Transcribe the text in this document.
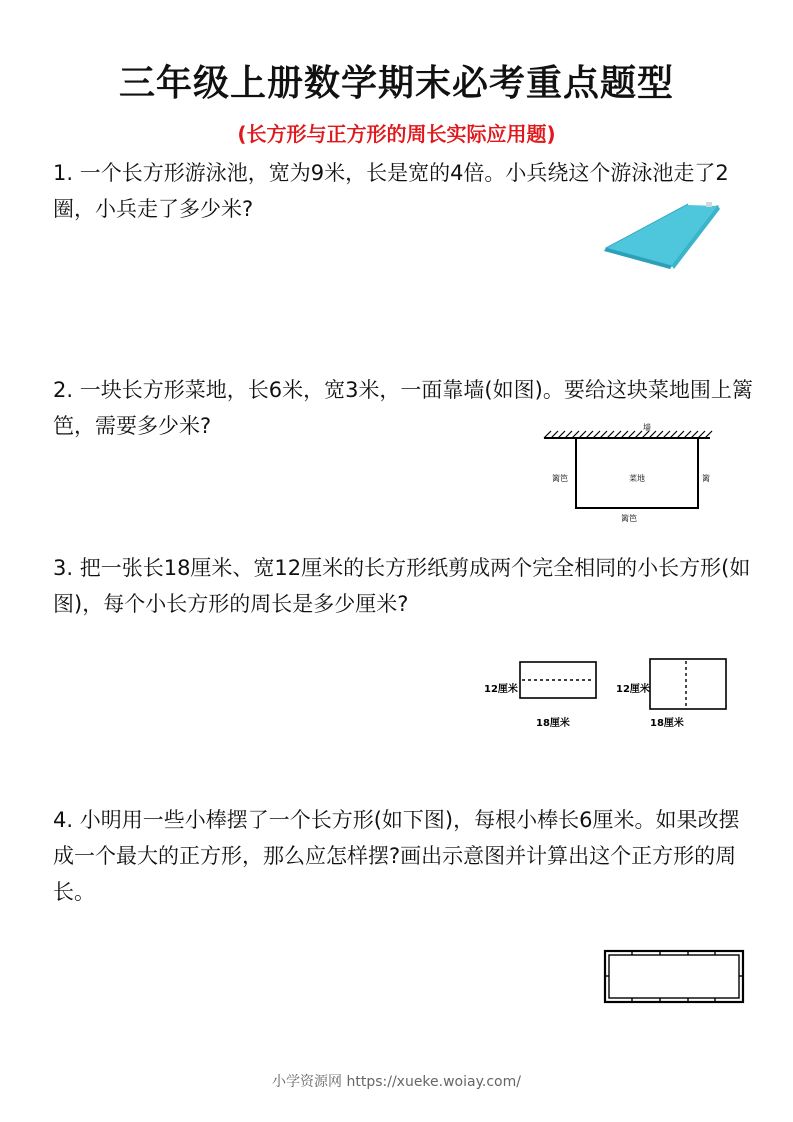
三年级上册数学期末必考重点题型
(长方形与正方形的周长实际应用题)
1. 一个长方形游泳池，宽为9米，长是宽的4倍。小兵绕这个游泳池走了2圈，小兵走了多少米?
2. 一块长方形菜地，长6米，宽3米，一面靠墙(如图)。要给这块菜地围上篱笆，需要多少米?	墙
篱笆	菜地	篱
篱笆
3. 把一张长18厘米、宽12厘米的长方形纸剪成两个完全相同的小长方形(如图)，每个小长方形的周长是多少厘米?
12厘米
18厘米
12厘米
18厘米
4. 小明用一些小棒摆了一个长方形(如下图)，每根小棒长6厘米。如果改摆成一个最大的正方形，那么应怎样摆?画出示意图并计算出这个正方形的周长。
小学资源网 https://xueke.woiay.com/
